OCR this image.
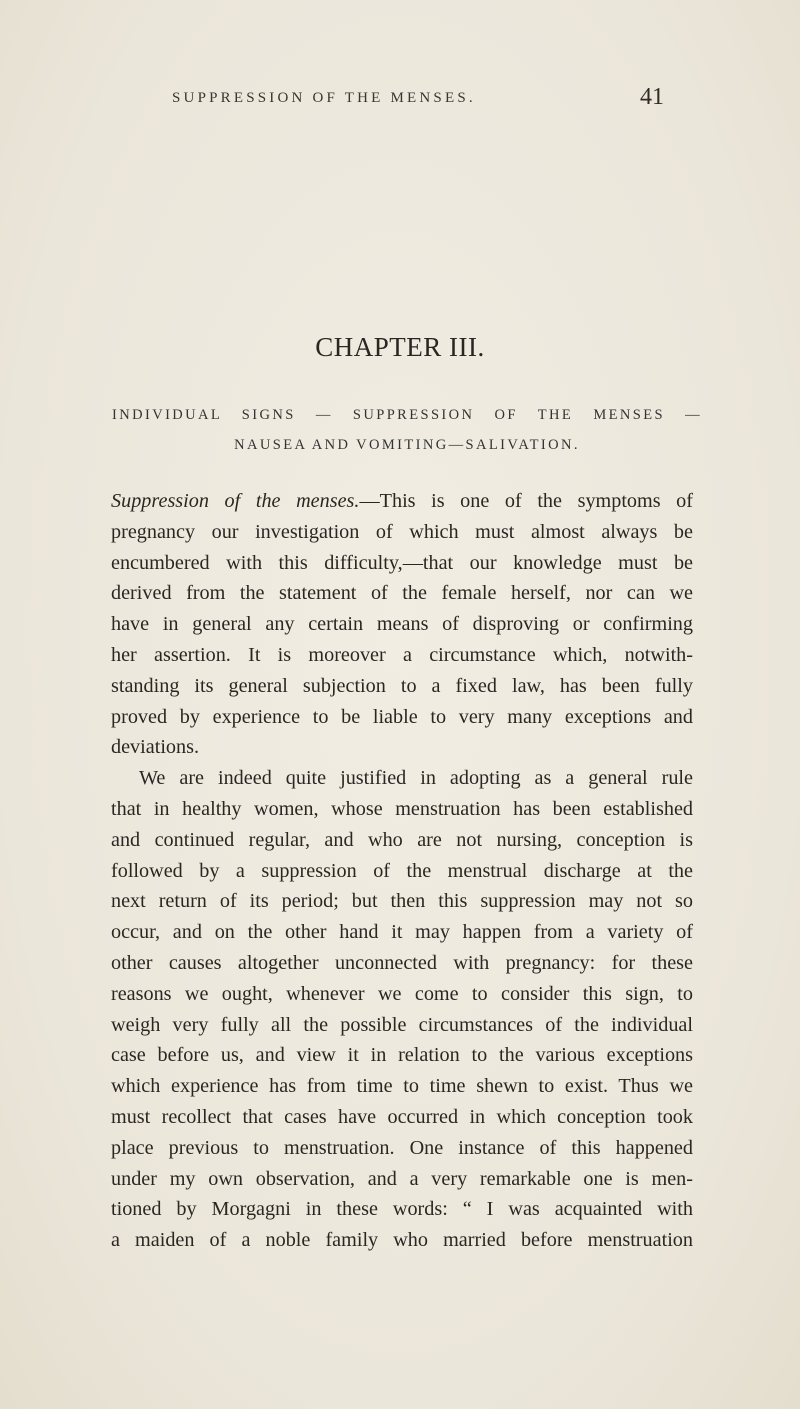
SUPPRESSION OF THE MENSES.	41
CHAPTER III.
INDIVIDUAL SIGNS — SUPPRESSION OF THE MENSES —
NAUSEA AND VOMITING—SALIVATION.
Suppression of the menses.—This is one of the symptoms of
pregnancy our investigation of which must almost always be
encumbered with this difficulty,—that our knowledge must be
derived from the statement of the female herself, nor can we
have in general any certain means of disproving or confirming
her assertion. It is moreover a circumstance which, notwith-
standing its general subjection to a fixed law, has been fully
proved by experience to be liable to very many exceptions and
deviations.
We are indeed quite justified in adopting as a general rule
that in healthy women, whose menstruation has been established
and continued regular, and who are not nursing, conception is
followed by a suppression of the menstrual discharge at the
next return of its period; but then this suppression may not so
occur, and on the other hand it may happen from a variety of
other causes altogether unconnected with pregnancy: for these
reasons we ought, whenever we come to consider this sign, to
weigh very fully all the possible circumstances of the individual
case before us, and view it in relation to the various exceptions
which experience has from time to time shewn to exist. Thus we
must recollect that cases have occurred in which conception took
place previous to menstruation. One instance of this happened
under my own observation, and a very remarkable one is men-
tioned by Morgagni in these words: “ I was acquainted with
a maiden of a noble family who married before menstruation
